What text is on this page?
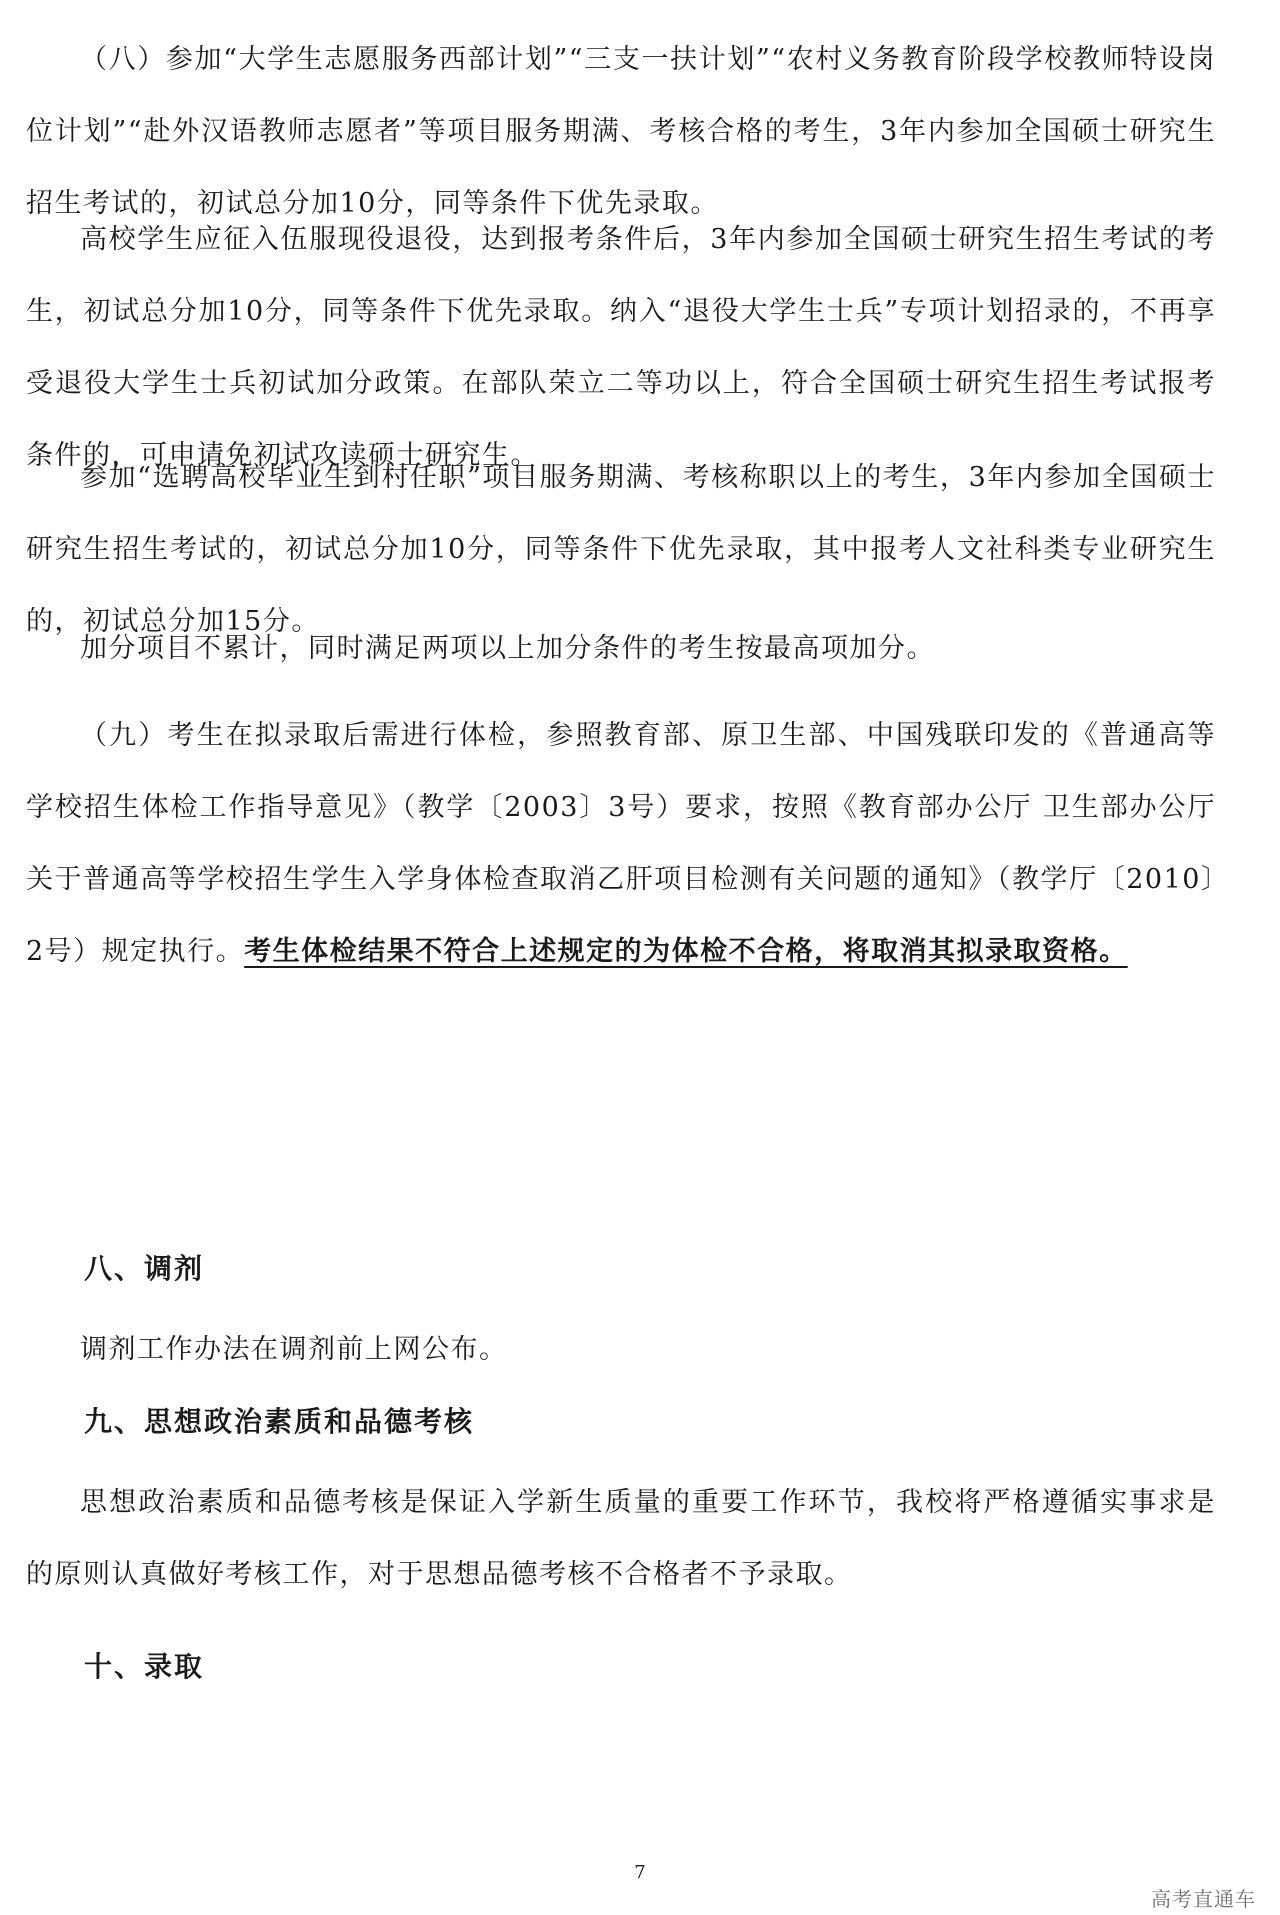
（八）参加“大学生志愿服务西部计划”“三支一扶计划”“农村义务教育阶段学校教师特设岗位计划”“赴外汉语教师志愿者”等项目服务期满、考核合格的考生，3年内参加全国硕士研究生招生考试的，初试总分加10分，同等条件下优先录取。

高校学生应征入伍服现役退役，达到报考条件后，3年内参加全国硕士研究生招生考试的考生，初试总分加10分，同等条件下优先录取。纳入“退役大学生士兵”专项计划招录的，不再享受退役大学生士兵初试加分政策。在部队荣立二等功以上，符合全国硕士研究生招生考试报考条件的，可申请免初试攻读硕士研究生。

参加“选聘高校毕业生到村任职”项目服务期满、考核称职以上的考生，3年内参加全国硕士研究生招生考试的，初试总分加10分，同等条件下优先录取，其中报考人文社科类专业研究生的，初试总分加15分。

加分项目不累计，同时满足两项以上加分条件的考生按最高项加分。

（九）考生在拟录取后需进行体检，参照教育部、原卫生部、中国残联印发的《普通高等学校招生体检工作指导意见》（教学〔2003〕3号）要求，按照《教育部办公厅 卫生部办公厅关于普通高等学校招生学生入学身体检查取消乙肝项目检测有关问题的通知》（教学厅〔2010〕2号）规定执行。考生体检结果不符合上述规定的为体检不合格，将取消其拟录取资格。

八、调剂

调剂工作办法在调剂前上网公布。

九、思想政治素质和品德考核

思想政治素质和品德考核是保证入学新生质量的重要工作环节，我校将严格遵循实事求是的原则认真做好考核工作，对于思想品德考核不合格者不予录取。

十、录取
7
高考直通车
